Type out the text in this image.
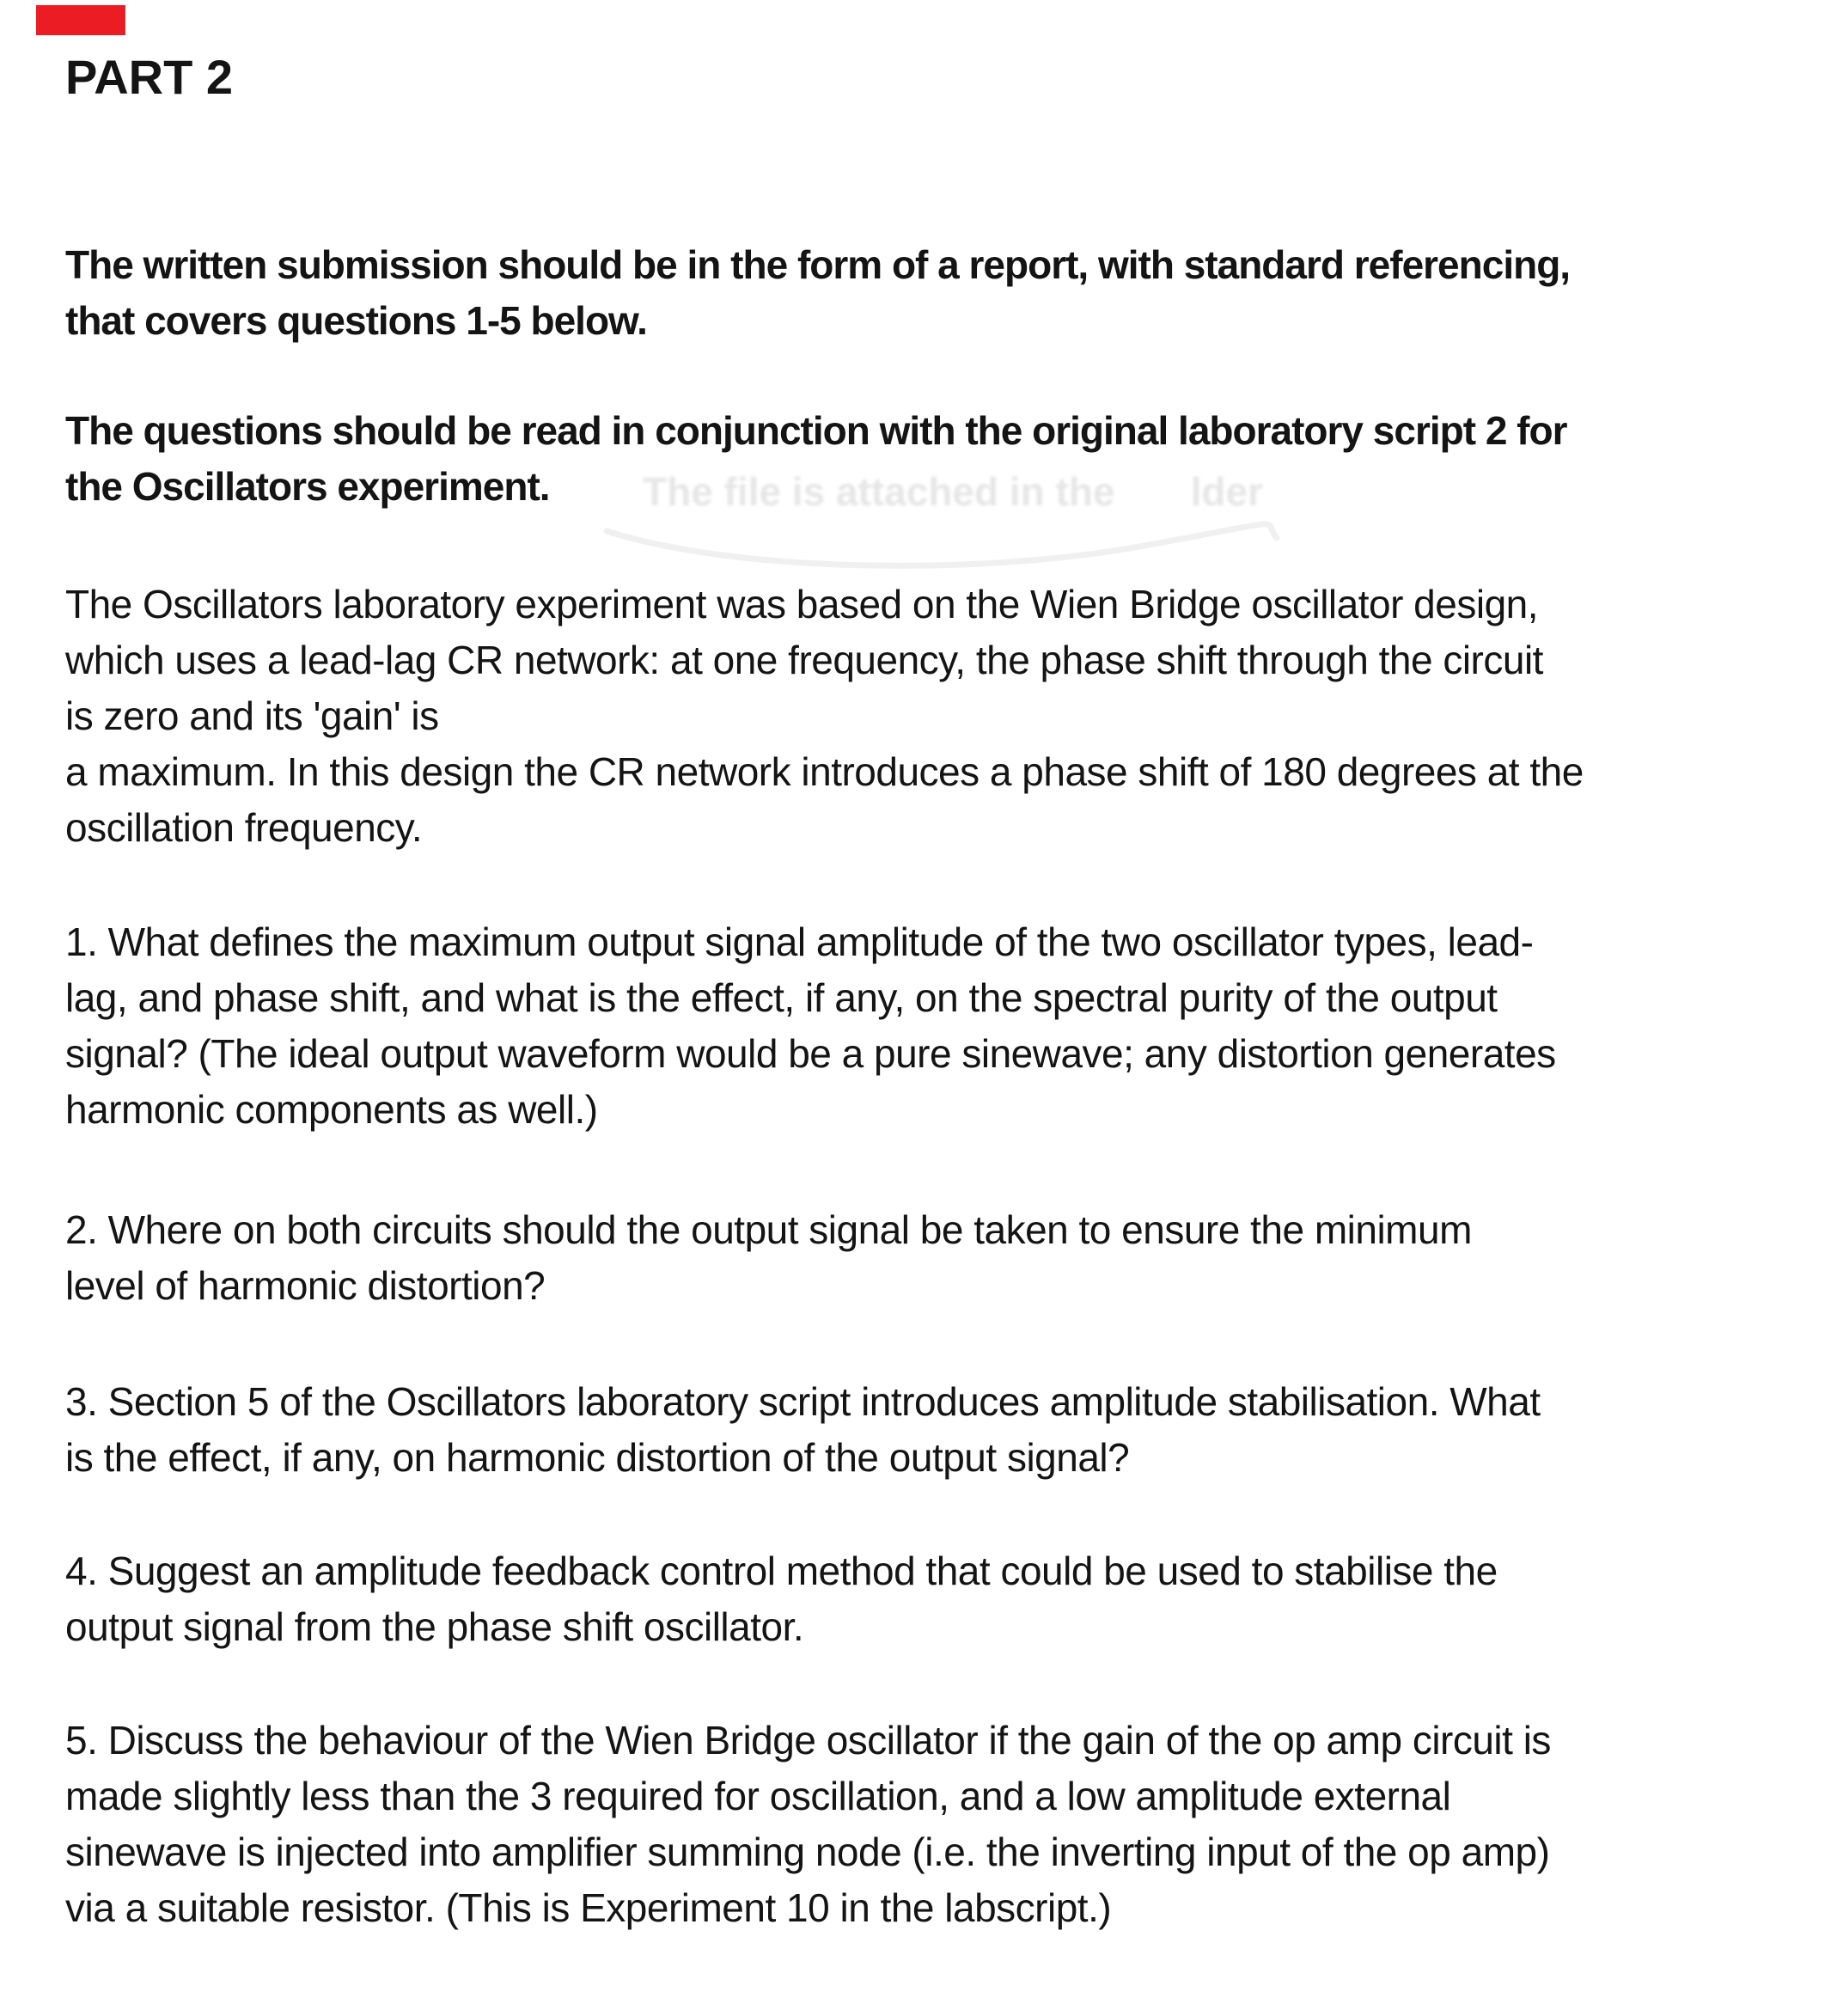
PART 2
The written submission should be in the form of a report, with standard referencing,
that covers questions 1-5 below.
The questions should be read in conjunction with the original laboratory script 2 for
the Oscillators experiment.	The file is attached in the lder
The Oscillators laboratory experiment was based on the Wien Bridge oscillator design,
which uses a lead-lag CR network: at one frequency, the phase shift through the circuit
is zero and its 'gain' is
a maximum. In this design the CR network introduces a phase shift of 180 degrees at the
oscillation frequency.
1. What defines the maximum output signal amplitude of the two oscillator types, lead-
lag, and phase shift, and what is the effect, if any, on the spectral purity of the output
signal? (The ideal output waveform would be a pure sinewave; any distortion generates
harmonic components as well.)
2. Where on both circuits should the output signal be taken to ensure the minimum
level of harmonic distortion?
3. Section 5 of the Oscillators laboratory script introduces amplitude stabilisation. What
is the effect, if any, on harmonic distortion of the output signal?
4. Suggest an amplitude feedback control method that could be used to stabilise the
output signal from the phase shift oscillator.
5. Discuss the behaviour of the Wien Bridge oscillator if the gain of the op amp circuit is
made slightly less than the 3 required for oscillation, and a low amplitude external
sinewave is injected into amplifier summing node (i.e. the inverting input of the op amp)
via a suitable resistor. (This is Experiment 10 in the labscript.)
